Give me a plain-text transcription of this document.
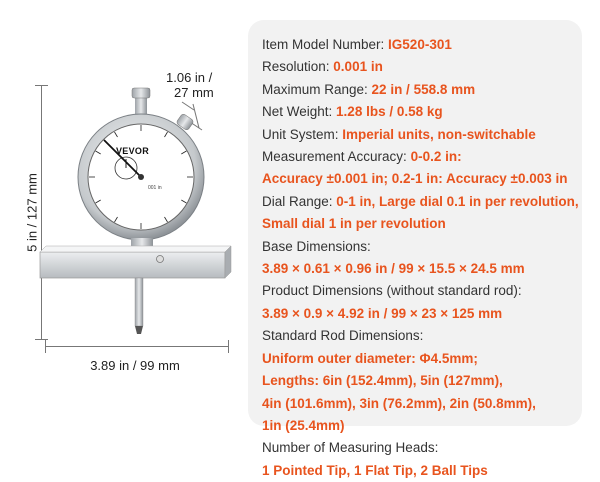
5 in / 127 mm
3.89 in / 99 mm
1.06 in /
27 mm
VEVOR
001 in
Item Model Number: IG520-301
Resolution: 0.001 in
Maximum Range: 22 in / 558.8 mm
Net Weight: 1.28 lbs / 0.58 kg
Unit System: Imperial units, non-switchable
Measurement Accuracy: 0-0.2 in:
Accuracy ±0.001 in; 0.2-1 in: Accuracy ±0.003 in
Dial Range: 0-1 in, Large dial 0.1 in per revolution,
Small dial 1 in per revolution
Base Dimensions:
3.89 × 0.61 × 0.96 in / 99 × 15.5 × 24.5 mm
Product Dimensions (without standard rod):
3.89 × 0.9 × 4.92 in / 99 × 23 × 125 mm
Standard Rod Dimensions:
Uniform outer diameter: Φ4.5mm;
Lengths: 6in (152.4mm), 5in (127mm),
4in (101.6mm), 3in (76.2mm), 2in (50.8mm),
1in (25.4mm)
Number of Measuring Heads:
1 Pointed Tip, 1 Flat Tip, 2 Ball Tips
